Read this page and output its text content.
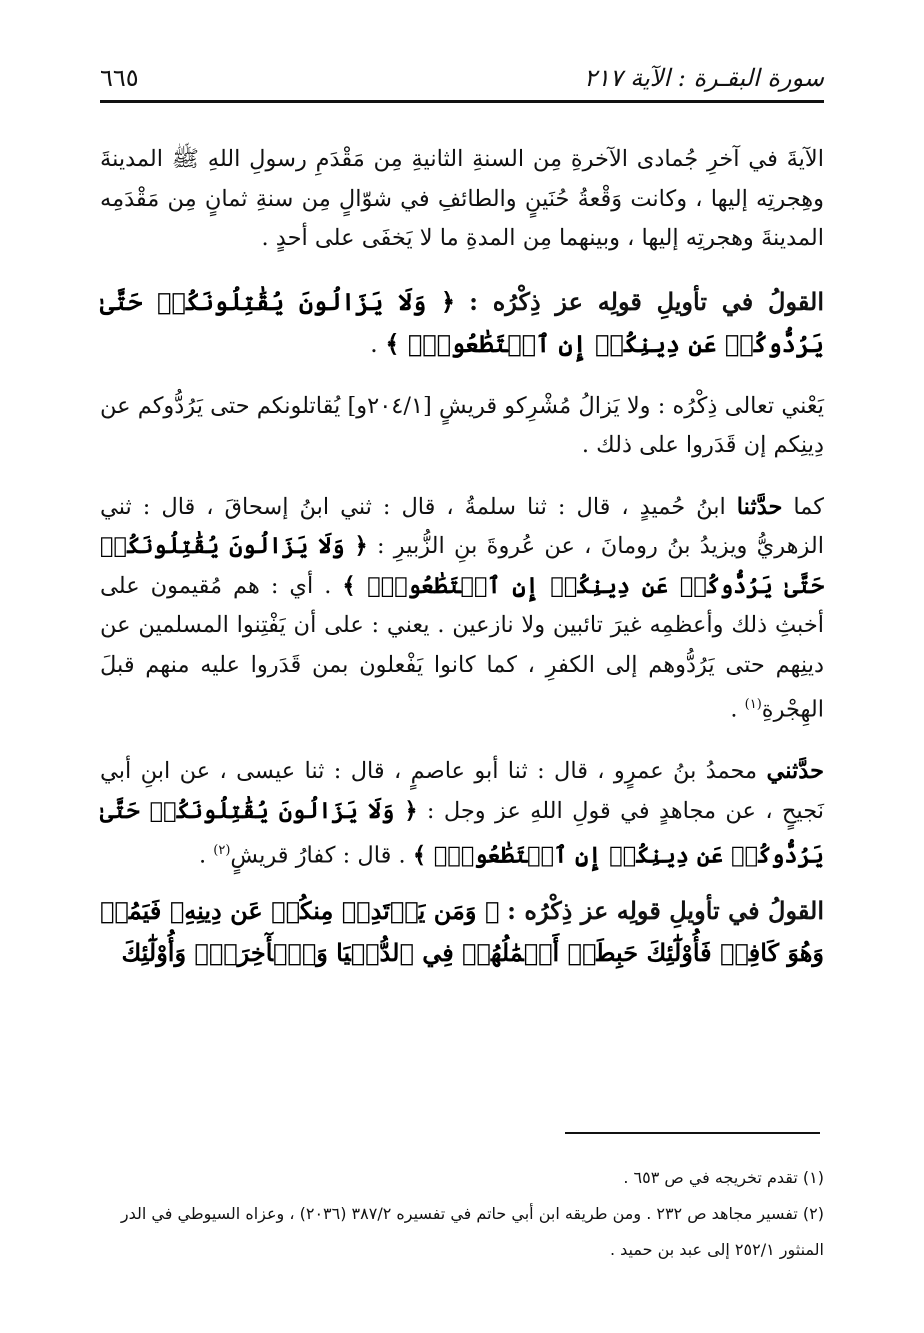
٦٦٥	سورة البقـرة : الآية ٢١٧

الآيةَ في آخرِ جُمادى الآخرةِ مِن السنةِ الثانيةِ مِن مَقْدَمِ رسولِ اللهِ ﷺ المدينةَ وهِجرتِه إليها ، وكانت وَقْعةُ حُنَينٍ والطائفِ في شوّالٍ مِن سنةِ ثمانٍ مِن مَقْدَمِه المدينةَ وهجرتِه إليها ، وبينهما مِن المدةِ ما لا يَخفَى على أحدٍ .

القولُ في تأويلِ قولِه عز ذِكْرُه : ﴿ وَلَا يَزَالُونَ يُقَٰتِلُونَكُمۡ حَتَّىٰ يَرُدُّوكُمۡ عَن دِينِكُمۡ إِنِ ٱسۡتَطَٰعُواْۚ ﴾ .

يَعْني تعالى ذِكْرُه : ولا يَزالُ مُشْرِكو قريشٍ [٢٠٤/١و] يُقاتلونكم حتى يَرُدُّوكم عن دِينِكم إن قَدَروا على ذلك .

كما حدَّثنا ابنُ حُميدٍ ، قال : ثنا سلمةُ ، قال : ثني ابنُ إسحاقَ ، قال : ثني الزهريُّ ويزيدُ بنُ رومانَ ، عن عُروةَ بنِ الزُّبيرِ : ﴿ وَلَا يَزَالُونَ يُقَٰتِلُونَكُمۡ حَتَّىٰ يَرُدُّوكُمۡ عَن دِينِكُمۡ إِنِ ٱسۡتَطَٰعُواْۚ ﴾ . أي : هم مُقيمون على أخبثِ ذلك وأعظمِه غيرَ تائبين ولا نازعين . يعني : على أن يَفْتِنوا المسلمين عن دينِهم حتى يَرُدُّوهم إلى الكفرِ ، كما كانوا يَفْعلون بمن قَدَروا عليه منهم قبلَ الهِجْرةِ$^{(١)}$ .

حدَّثني محمدُ بنُ عمرٍو ، قال : ثنا أبو عاصمٍ ، قال : ثنا عيسى ، عن ابنِ أبي نَجيحٍ ، عن مجاهدٍ في قولِ اللهِ عز وجل : ﴿ وَلَا يَزَالُونَ يُقَٰتِلُونَكُمۡ حَتَّىٰ يَرُدُّوكُمۡ عَن دِينِكُمۡ إِنِ ٱسۡتَطَٰعُواْۚ ﴾ . قال : كفارُ قريشٍ$^{(٢)}$ .

القولُ في تأويلِ قولِه عز ذِكْرُه : ﴿ وَمَن يَرۡتَدِدۡ مِنكُمۡ عَن دِينِهِۦ فَيَمُتۡ وَهُوَ كَافِرٞ فَأُوْلَٰٓئِكَ حَبِطَتۡ أَعۡمَٰلُهُمۡ فِي ٱلدُّنۡيَا وَٱلۡأٓخِرَةِۖ وَأُوْلَٰٓئِكَ

(١) تقدم تخريجه في ص ٦٥٣ .

(٢) تفسير مجاهد ص ٢٣٢ . ومن طريقه ابن أبي حاتم في تفسيره ٣٨٧/٢ (٢٠٣٦) ، وعزاه السيوطي في الدر المنثور ٢٥٢/١ إلى عبد بن حميد .
